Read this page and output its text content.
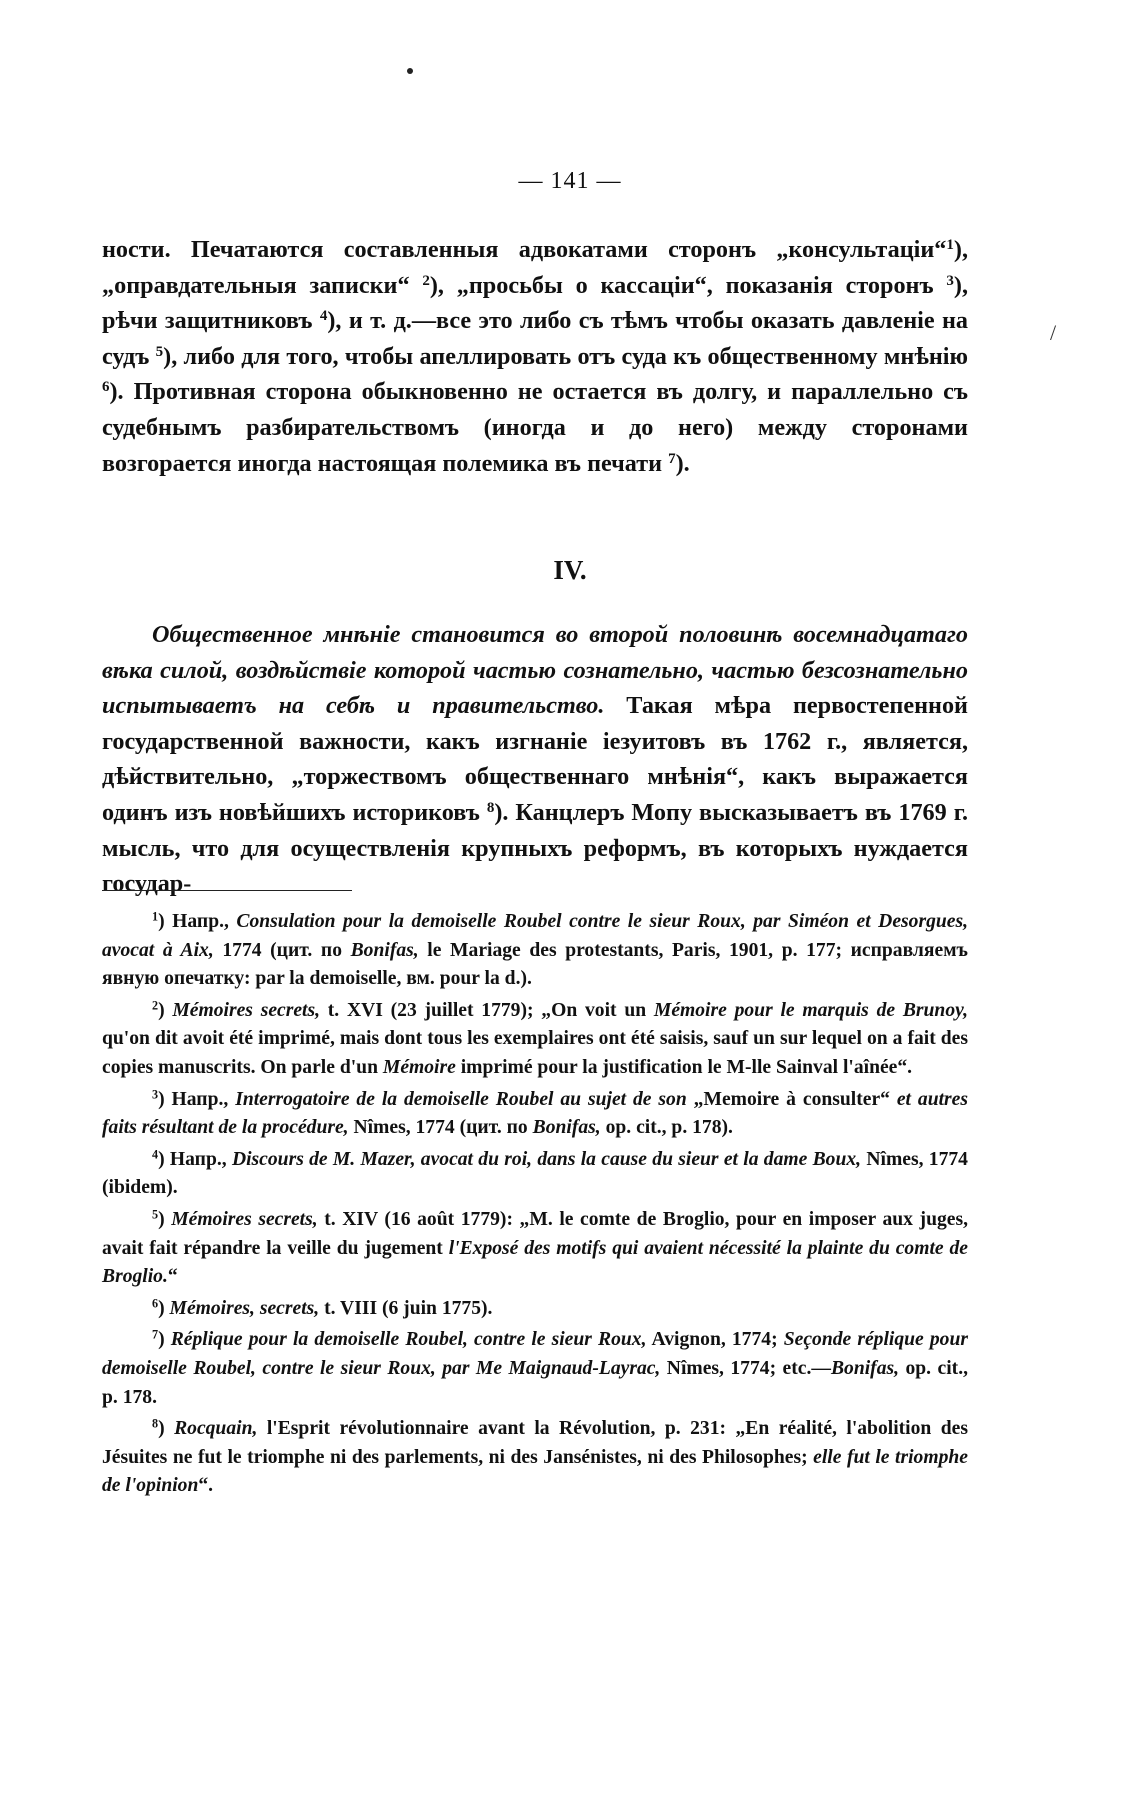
— 141 —
/

ности. Печатаются составленныя адвокатами сторонъ „консультаціи“$^1$), „оправдательныя записки“ $^2$), „просьбы о кассаціи“, показанія сторонъ $^3$), рѣчи защитниковъ $^4$), и т. д.—все это либо съ тѣмъ чтобы оказать давленіе на судъ $^5$), либо для того, чтобы апеллировать отъ суда къ общественному мнѣнію $^6$). Противная сторона обыкновенно не остается въ долгу, и параллельно съ судебнымъ разбирательствомъ (иногда и до него) между сторонами возгорается иногда настоящая полемика въ печати $^7$).

IV.

Общественное мнѣніе становится во второй половинѣ восемнадцатаго вѣка силой, воздѣйствіе которой частью сознательно, частью безсознательно испытываетъ на себѣ и правительство. Такая мѣра первостепенной государственной важности, какъ изгнаніе іезуитовъ въ 1762 г., является, дѣйствительно, „торжествомъ общественнаго мнѣнія“, какъ выражается одинъ изъ новѣйшихъ историковъ $^8$). Канцлеръ Мопу высказываетъ въ 1769 г. мысль, что для осуществленія крупныхъ реформъ, въ которыхъ нуждается государ-

$^1$) Напр., Consulation pour la demoiselle Roubel contre le sieur Roux, par Siméon et Desorgues, avocat à Aix, 1774 (цит. по Bonifas, le Mariage des protestants, Paris, 1901, p. 177; исправляемъ явную опечатку: par la demoiselle, вм. pour la d.).

$^2$) Mémoires secrets, t. XVI (23 juillet 1779); „On voit un Mémoire pour le marquis de Brunoy, qu'on dit avoit été imprimé, mais dont tous les exemplaires ont été saisis, sauf un sur lequel on a fait des copies manuscrits. On parle d'un Mémoire imprimé pour la justification le M-lle Sainval l'aînée“.

$^3$) Напр., Interrogatoire de la demoiselle Roubel au sujet de son „Memoire à consulter“ et autres faits résultant de la procédure, Nîmes, 1774 (цит. по Bonifas, op. cit., p. 178).

$^4$) Напр., Discours de M. Mazer, avocat du roi, dans la cause du sieur et la dame Boux, Nîmes, 1774 (ibidem).

$^5$) Mémoires secrets, t. XIV (16 août 1779): „M. le comte de Broglio, pour en imposer aux juges, avait fait répandre la veille du jugement l'Exposé des motifs qui avaient nécessité la plainte du comte de Broglio.“

$^6$) Mémoires, secrets, t. VIII (6 juin 1775).

$^7$) Réplique pour la demoiselle Roubel, contre le sieur Roux, Avignon, 1774; Seçonde réplique pour demoiselle Roubel, contre le sieur Roux, par Me Maignaud-Layrac, Nîmes, 1774; etc.—Bonifas, op. cit., p. 178.

$^8$) Rocquain, l'Esprit révolutionnaire avant la Révolution, p. 231: „En réalité, l'abolition des Jésuites ne fut le triomphe ni des parlements, ni des Jansénistes, ni des Philosophes; elle fut le triomphe de l'opinion“.
